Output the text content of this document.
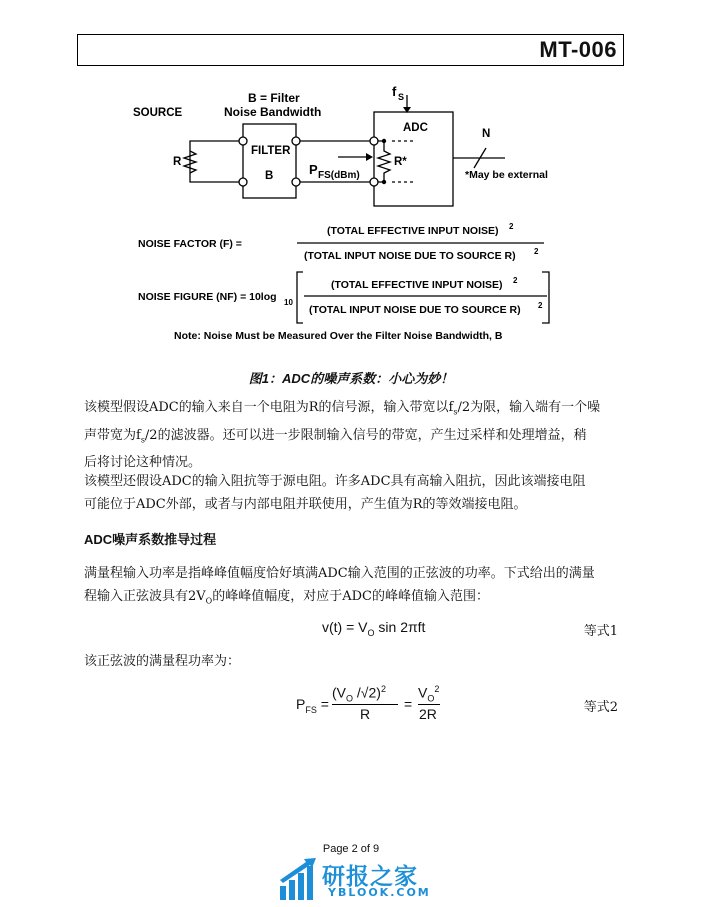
MT-006
SOURCE
R
B = Filter
Noise Bandwidth
FILTER
B	P FS(dBm)
ADC
f S
R*
N
*May be external
NOISE FACTOR (F) =
(TOTAL EFFECTIVE INPUT NOISE) 2
(TOTAL INPUT NOISE DUE TO SOURCE R) 2
NOISE FIGURE (NF) = 10log 10
(TOTAL EFFECTIVE INPUT NOISE) 2
(TOTAL INPUT NOISE DUE TO SOURCE R) 2
Note: Noise Must be Measured Over the Filter Noise Bandwidth, B
图1：ADC的噪声系数：小心为妙！
该模型假设ADC的输入来自一个电阻为R的信号源，输入带宽以$f_s/2$为限，输入端有一个噪
声带宽为$f_s/2$的滤波器。还可以进一步限制输入信号的带宽，产生过采样和处理增益，稍
后将讨论这种情况。
该模型还假设ADC的输入阻抗等于源电阻。许多ADC具有高输入阻抗，因此该端接电阻
可能位于ADC外部，或者与内部电阻并联使用，产生值为R的等效端接电阻。
ADC噪声系数推导过程
满量程输入功率是指峰峰值幅度恰好填满ADC输入范围的正弦波的功率。下式给出的满量
程输入正弦波具有$2V_O$的峰峰值幅度，对应于ADC的峰峰值输入范围：
$v(t) = V_O$ sin 2πft	等式1
该正弦波的满量程功率为：
$P_{FS}$ =
($V_O$ /√2)$^2$
R
=
$V_O^2$
2R	等式2
Page 2 of 9
研报之家
YBLOOK.COM
